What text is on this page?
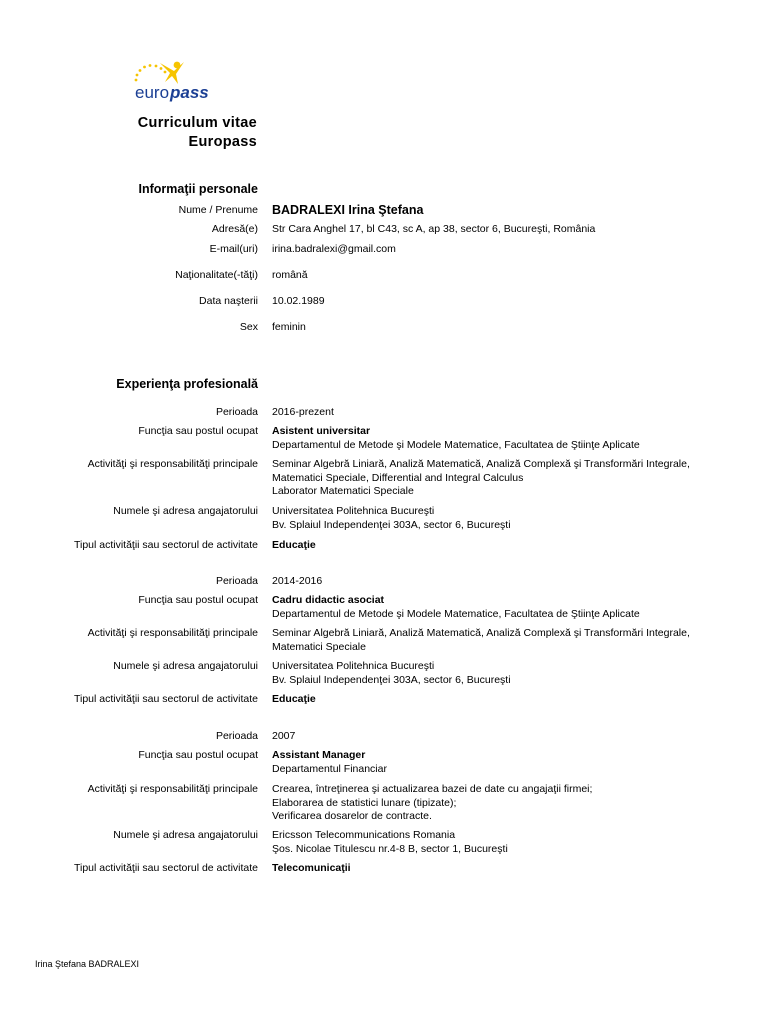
euro pass
Curriculum vitae
Europass
Informaţii personale
Nume / Prenume BADRALEXI Irina Ştefana
Adresă(e) Str Cara Anghel 17, bl C43, sc A, ap 38, sector 6, Bucureşti, România
E-mail(uri) irina.badralexi@gmail.com
Naţionalitate(-tăţi) română
Data naşterii 10.02.1989
Sex feminin
Experienţa profesională
Perioada 2016-prezent
Funcţia sau postul ocupat Asistent universitar
Departamentul de Metode şi Modele Matematice, Facultatea de Ştiinţe Aplicate
Activităţi şi responsabilităţi principale Seminar Algebră Liniară, Analiză Matematică, Analiză Complexă şi Transformări Integrale,
Matematici Speciale, Differential and Integral Calculus
Laborator Matematici Speciale
Numele şi adresa angajatorului Universitatea Politehnica Bucureşti
Bv. Splaiul Independenţei 303A, sector 6, Bucureşti
Tipul activităţii sau sectorul de activitate Educaţie
Perioada 2014-2016
Funcţia sau postul ocupat Cadru didactic asociat
Departamentul de Metode şi Modele Matematice, Facultatea de Ştiinţe Aplicate
Activităţi şi responsabilităţi principale Seminar Algebră Liniară, Analiză Matematică, Analiză Complexă şi Transformări Integrale,
Matematici Speciale
Numele şi adresa angajatorului Universitatea Politehnica Bucureşti
Bv. Splaiul Independenţei 303A, sector 6, Bucureşti
Tipul activităţii sau sectorul de activitate Educaţie
Perioada 2007
Funcţia sau postul ocupat Assistant Manager
Departamentul Financiar
Activităţi şi responsabilităţi principale Crearea, întreţinerea şi actualizarea bazei de date cu angajaţii firmei;
Elaborarea de statistici lunare (tipizate);
Verificarea dosarelor de contracte.
Numele şi adresa angajatorului Ericsson Telecommunications Romania
Şos. Nicolae Titulescu nr.4-8 B, sector 1, Bucureşti
Tipul activităţii sau sectorul de activitate Telecomunicaţii
Irina Ştefana BADRALEXI
